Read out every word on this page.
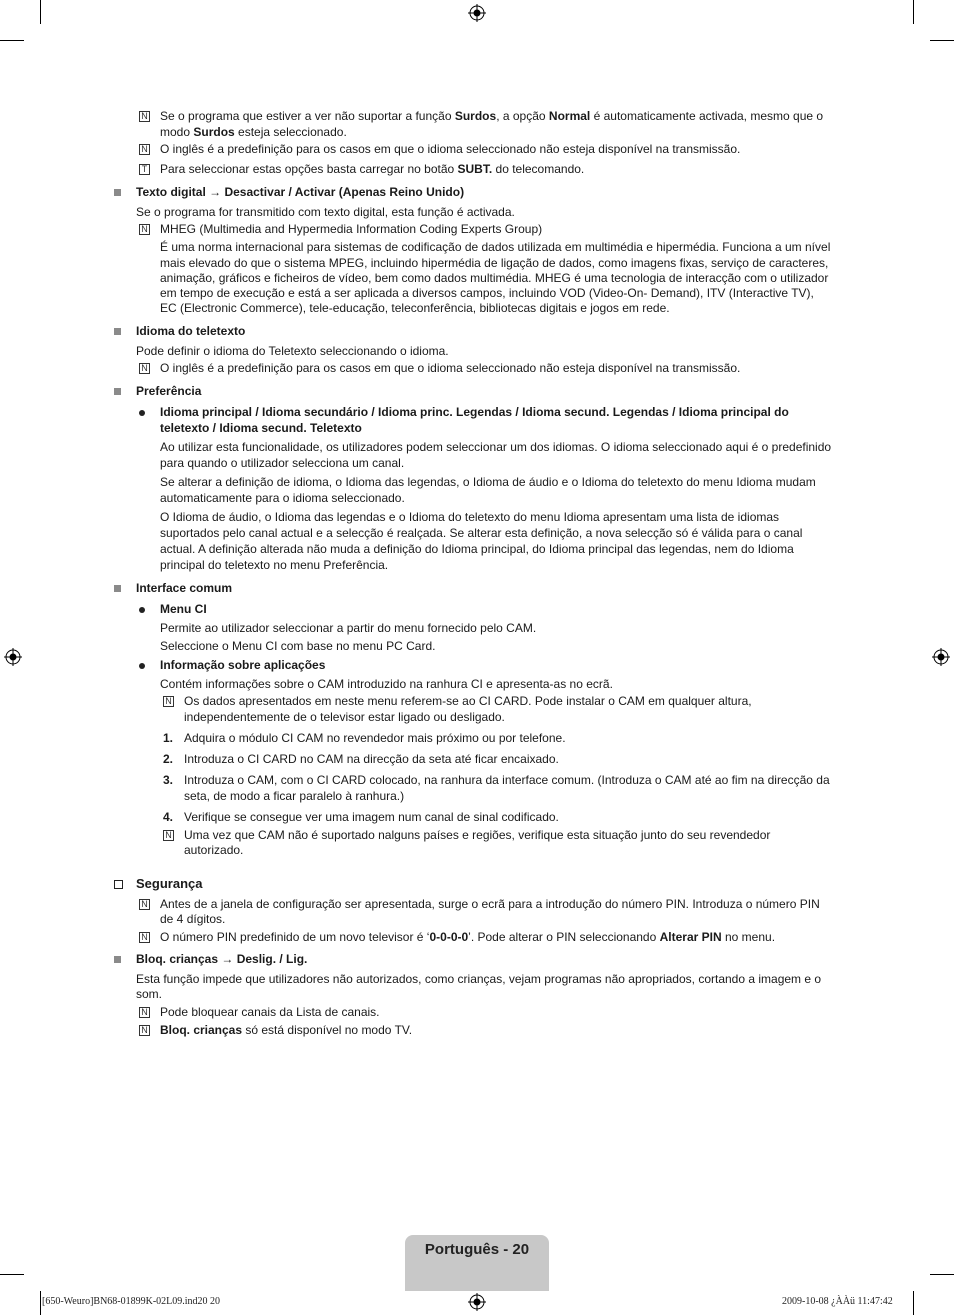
Se o programa que estiver a ver não suportar a função Surdos, a opção Normal é automaticamente activada, mesmo que o
modo Surdos esteja seleccionado.
O inglês é a predefinição para os casos em que o idioma seleccionado não esteja disponível na transmissão.
Para seleccionar estas opções basta carregar no botão SUBT. do telecomando.
Texto digital → Desactivar / Activar (Apenas Reino Unido)
Se o programa for transmitido com texto digital, esta função é activada.
MHEG (Multimedia and Hypermedia Information Coding Experts Group)
É uma norma internacional para sistemas de codificação de dados utilizada em multimédia e hipermédia. Funciona a um nível
mais elevado do que o sistema MPEG, incluindo hipermédia de ligação de dados, como imagens fixas, serviço de caracteres,
animação, gráficos e ficheiros de vídeo, bem como dados multimédia. MHEG é uma tecnologia de interacção com o utilizador
em tempo de execução e está a ser aplicada a diversos campos, incluindo VOD (Video-On- Demand), ITV (Interactive TV),
EC (Electronic Commerce), tele-educação, teleconferência, bibliotecas digitais e jogos em rede.
Idioma do teletexto
Pode definir o idioma do Teletexto seleccionando o idioma.
O inglês é a predefinição para os casos em que o idioma seleccionado não esteja disponível na transmissão.
Preferência
Idioma principal / Idioma secundário / Idioma princ. Legendas / Idioma secund. Legendas / Idioma principal do
teletexto / Idioma secund. Teletexto
Ao utilizar esta funcionalidade, os utilizadores podem seleccionar um dos idiomas. O idioma seleccionado aqui é o predefinido
para quando o utilizador selecciona um canal.
Se alterar a definição de idioma, o Idioma das legendas, o Idioma de áudio e o Idioma do teletexto do menu Idioma mudam
automaticamente para o idioma seleccionado.
O Idioma de áudio, o Idioma das legendas e o Idioma do teletexto do menu Idioma apresentam uma lista de idiomas
suportados pelo canal actual e a selecção é realçada. Se alterar esta definição, a nova selecção só é válida para o canal
actual. A definição alterada não muda a definição do Idioma principal, do Idioma principal das legendas, nem do Idioma
principal do teletexto no menu Preferência.
Interface comum
Menu CI
Permite ao utilizador seleccionar a partir do menu fornecido pelo CAM.
Seleccione o Menu CI com base no menu PC Card.
Informação sobre aplicações
Contém informações sobre o CAM introduzido na ranhura CI e apresenta-as no ecrã.
Os dados apresentados em neste menu referem-se ao CI CARD. Pode instalar o CAM em qualquer altura,
independentemente de o televisor estar ligado ou desligado.
Adquira o módulo CI CAM no revendedor mais próximo ou por telefone.
Introduza o CI CARD no CAM na direcção da seta até ficar encaixado.
Introduza o CAM, com o CI CARD colocado, na ranhura da interface comum. (Introduza o CAM até ao fim na direcção da
seta, de modo a ficar paralelo à ranhura.)
Verifique se consegue ver uma imagem num canal de sinal codificado.
Uma vez que CAM não é suportado nalguns países e regiões, verifique esta situação junto do seu revendedor
autorizado.
Antes de a janela de configuração ser apresentada, surge o ecrã para a introdução do número PIN. Introduza o número PIN
de 4 dígitos.
O número PIN predefinido de um novo televisor é ‘0-0-0-0’. Pode alterar o PIN seleccionando Alterar PIN no menu.
Bloq. crianças → Deslig. / Lig.
Esta função impede que utilizadores não autorizados, como crianças, vejam programas não apropriados, cortando a imagem e o
som.
Pode bloquear canais da Lista de canais.
Bloq. crianças só está disponível no modo TV.
N
N
T
N
N
N
N
N
N
N
N
1.
2.
3.
4.
Segurança
Português - 20
[650-Weuro]BN68-01899K-02L09.ind20 20	2009-10-08 ¿ÀÀü 11:47:42
